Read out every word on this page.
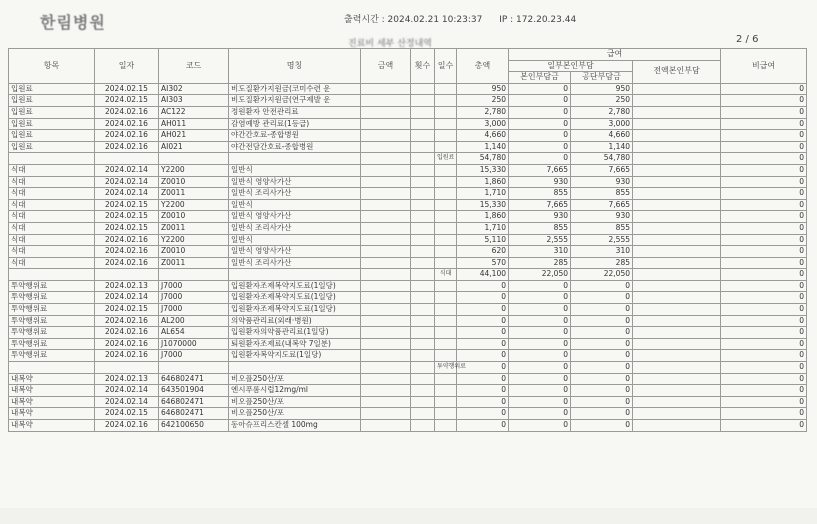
한림병원	출력시간 : 2024.02.21 10:23:37 IP : 172.20.23.44
진료비 세부 산정내역	2 / 6
항목	일자	코드	명칭	금액	횟수	일수	총액	급여			비급여
								일부본인부담		전액본인부담	
								본인부담금	공단부담금		
입원료	2024.02.15	AI302	비도질환가지원금(코미수련 운				950	0	950		0
입원료	2024.02.15	AI303	비도질환가지원금(연구제발 운				250	0	250		0
입원료	2024.02.16	AC122	정원환자 안전관리료				2,780	0	2,780		0
입원료	2024.02.16	AH011	감염예방 관리료(1등급)				3,000	0	3,000		0
입원료	2024.02.16	AH021	야간간호료-종합병원				4,660	0	4,660		0
입원료	2024.02.16	AI021	야간전담간호료-종합병원				1,140	0	1,140		0
						입원료	54,780	0	54,780		0
식대	2024.02.14	Y2200	일반식				15,330	7,665	7,665		0
식대	2024.02.14	Z0010	일반식 영양사가산				1,860	930	930		0
식대	2024.02.14	Z0011	일반식 조리사가산				1,710	855	855		0
식대	2024.02.15	Y2200	일반식				15,330	7,665	7,665		0
식대	2024.02.15	Z0010	일반식 영양사가산				1,860	930	930		0
식대	2024.02.15	Z0011	일반식 조리사가산				1,710	855	855		0
식대	2024.02.16	Y2200	일반식				5,110	2,555	2,555		0
식대	2024.02.16	Z0010	일반식 영양사가산				620	310	310		0
식대	2024.02.16	Z0011	일반식 조리사가산				570	285	285		0
						식대	44,100	22,050	22,050		0
투약행위료	2024.02.13	J7000	입원환자조제복약지도료(1일당)				0	0	0		0
투약행위료	2024.02.14	J7000	입원환자조제복약지도료(1일당)				0	0	0		0
투약행위료	2024.02.15	J7000	입원환자조제복약지도료(1일당)				0	0	0		0
투약행위료	2024.02.16	AL200	의약품관리료(외래·병원)				0	0	0		0
투약행위료	2024.02.16	AL654	입원환자의약품관리료(1일당)				0	0	0		0
투약행위료	2024.02.16	J1070000	퇴원환자조제료(내복약 7일분)				0	0	0		0
투약행위료	2024.02.16	J7000	입원환자복약지도료(1일당)				0	0	0		0
						투약행위료	0	0	0		0
내복약	2024.02.13	646802471	비오플250산/포				0	0	0		0
내복약	2024.02.14	643501904	엔시푸롬시럽12mg/ml				0	0	0		0
내복약	2024.02.14	646802471	비오플250산/포				0	0	0		0
내복약	2024.02.15	646802471	비오플250산/포				0	0	0		0
내복약	2024.02.16	642100650	동아슈프리스칸셀 100mg				0	0	0		0
